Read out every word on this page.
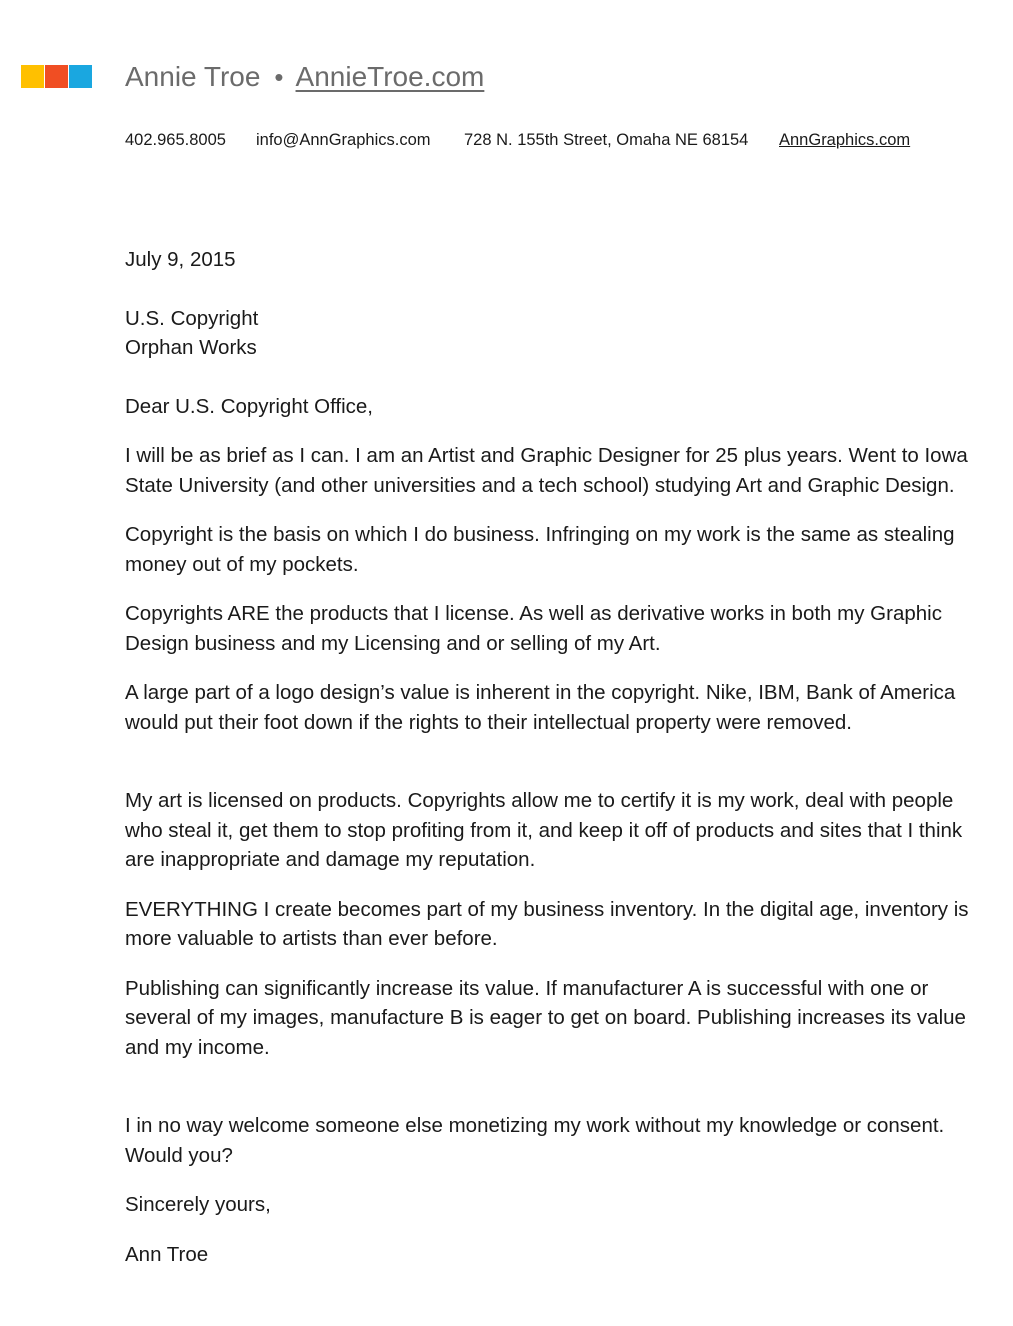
Annie Troe • AnnieTroe.com
402.965.8005 info@AnnGraphics.com 728 N. 155th Street, Omaha NE 68154 AnnGraphics.com

July 9, 2015

U.S. Copyright

Orphan Works

Dear U.S. Copyright Office,

I will be as brief as I can. I am an Artist and Graphic Designer for 25 plus years. Went to Iowa State University (and other universities and a tech school) studying Art and Graphic Design.

Copyright is the basis on which I do business. Infringing on my work is the same as stealing money out of my pockets.

Copyrights ARE the products that I license. As well as derivative works in both my Graphic Design business and my Licensing and or selling of my Art.

A large part of a logo design’s value is inherent in the copyright. Nike, IBM, Bank of America would put their foot down if the rights to their intellectual property were removed.

My art is licensed on products. Copyrights allow me to certify it is my work, deal with people who steal it, get them to stop profiting from it, and keep it off of products and sites that I think are inappropriate and damage my reputation.

EVERYTHING I create becomes part of my business inventory. In the digital age, inventory is more valuable to artists than ever before.

Publishing can significantly increase its value. If manufacturer A is successful with one or several of my images, manufacture B is eager to get on board. Publishing increases its value and my income.

I in no way welcome someone else monetizing my work without my knowledge or consent. Would you?

Sincerely yours,

Ann Troe
